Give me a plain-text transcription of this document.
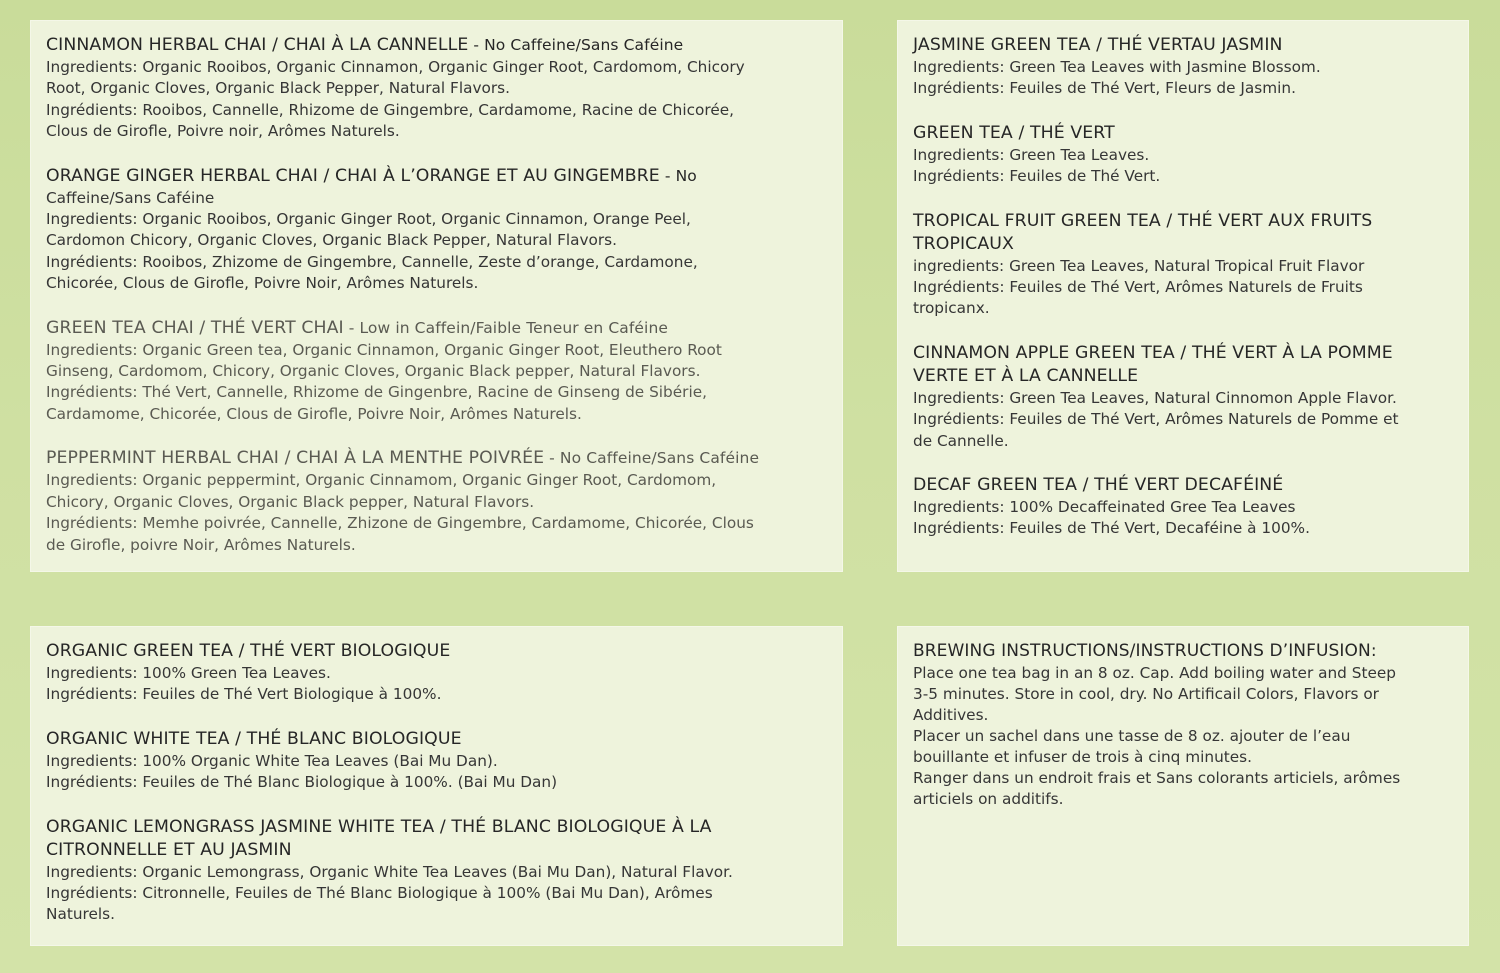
CINNAMON HERBAL CHAI / CHAI À LA CANNELLE - No Caffeine/Sans Caféine
Ingredients: Organic Rooibos, Organic Cinnamon, Organic Ginger Root, Cardomom, Chicory
Root, Organic Cloves, Organic Black Pepper, Natural Flavors.
Ingrédients: Rooibos, Cannelle, Rhizome de Gingembre, Cardamome, Racine de Chicorée,
Clous de Girofle, Poivre noir, Arômes Naturels.
ORANGE GINGER HERBAL CHAI / CHAI À L’ORANGE ET AU GINGEMBRE - No
Caffeine/Sans Caféine
Ingredients: Organic Rooibos, Organic Ginger Root, Organic Cinnamon, Orange Peel,
Cardomon Chicory, Organic Cloves, Organic Black Pepper, Natural Flavors.
Ingrédients: Rooibos, Zhizome de Gingembre, Cannelle, Zeste d’orange, Cardamone,
Chicorée, Clous de Girofle, Poivre Noir, Arômes Naturels.
GREEN TEA CHAI / THÉ VERT CHAI - Low in Caffein/Faible Teneur en Caféine
Ingredients: Organic Green tea, Organic Cinnamon, Organic Ginger Root, Eleuthero Root
Ginseng, Cardomom, Chicory, Organic Cloves, Organic Black pepper, Natural Flavors.
Ingrédients: Thé Vert, Cannelle, Rhizome de Gingenbre, Racine de Ginseng de Sibérie,
Cardamome, Chicorée, Clous de Girofle, Poivre Noir, Arômes Naturels.
PEPPERMINT HERBAL CHAI / CHAI À LA MENTHE POIVRÉE - No Caffeine/Sans Caféine
Ingredients: Organic peppermint, Organic Cinnamom, Organic Ginger Root, Cardomom,
Chicory, Organic Cloves, Organic Black pepper, Natural Flavors.
Ingrédients: Memhe poivrée, Cannelle, Zhizone de Gingembre, Cardamome, Chicorée, Clous
de Girofle, poivre Noir, Arômes Naturels.
JASMINE GREEN TEA / THÉ VERTAU JASMIN
Ingredients: Green Tea Leaves with Jasmine Blossom.
Ingrédients: Feuiles de Thé Vert, Fleurs de Jasmin.
GREEN TEA / THÉ VERT
Ingredients: Green Tea Leaves.
Ingrédients: Feuiles de Thé Vert.
TROPICAL FRUIT GREEN TEA / THÉ VERT AUX FRUITS
TROPICAUX
ingredients: Green Tea Leaves, Natural Tropical Fruit Flavor
Ingrédients: Feuiles de Thé Vert, Arômes Naturels de Fruits
tropicanx.
CINNAMON APPLE GREEN TEA / THÉ VERT À LA POMME
VERTE ET À LA CANNELLE
Ingredients: Green Tea Leaves, Natural Cinnomon Apple Flavor.
Ingrédients: Feuiles de Thé Vert, Arômes Naturels de Pomme et
de Cannelle.
DECAF GREEN TEA / THÉ VERT DECAFÉINÉ
Ingredients: 100% Decaffeinated Gree Tea Leaves
Ingrédients: Feuiles de Thé Vert, Decaféine à 100%.
ORGANIC GREEN TEA / THÉ VERT BIOLOGIQUE
Ingredients: 100% Green Tea Leaves.
Ingrédients: Feuiles de Thé Vert Biologique à 100%.
ORGANIC WHITE TEA / THÉ BLANC BIOLOGIQUE
Ingredients: 100% Organic White Tea Leaves (Bai Mu Dan).
Ingrédients: Feuiles de Thé Blanc Biologique à 100%. (Bai Mu Dan)
ORGANIC LEMONGRASS JASMINE WHITE TEA / THÉ BLANC BIOLOGIQUE À LA
CITRONNELLE ET AU JASMIN
Ingredients: Organic Lemongrass, Organic White Tea Leaves (Bai Mu Dan), Natural Flavor.
Ingrédients: Citronnelle, Feuiles de Thé Blanc Biologique à 100% (Bai Mu Dan), Arômes
Naturels.
BREWING INSTRUCTIONS/INSTRUCTIONS D’INFUSION:
Place one tea bag in an 8 oz. Cap. Add boiling water and Steep
3-5 minutes. Store in cool, dry. No Artificail Colors, Flavors or
Additives.
Placer un sachel dans une tasse de 8 oz. ajouter de l’eau
bouillante et infuser de trois à cinq minutes.
Ranger dans un endroit frais et Sans colorants articiels, arômes
articiels on additifs.
